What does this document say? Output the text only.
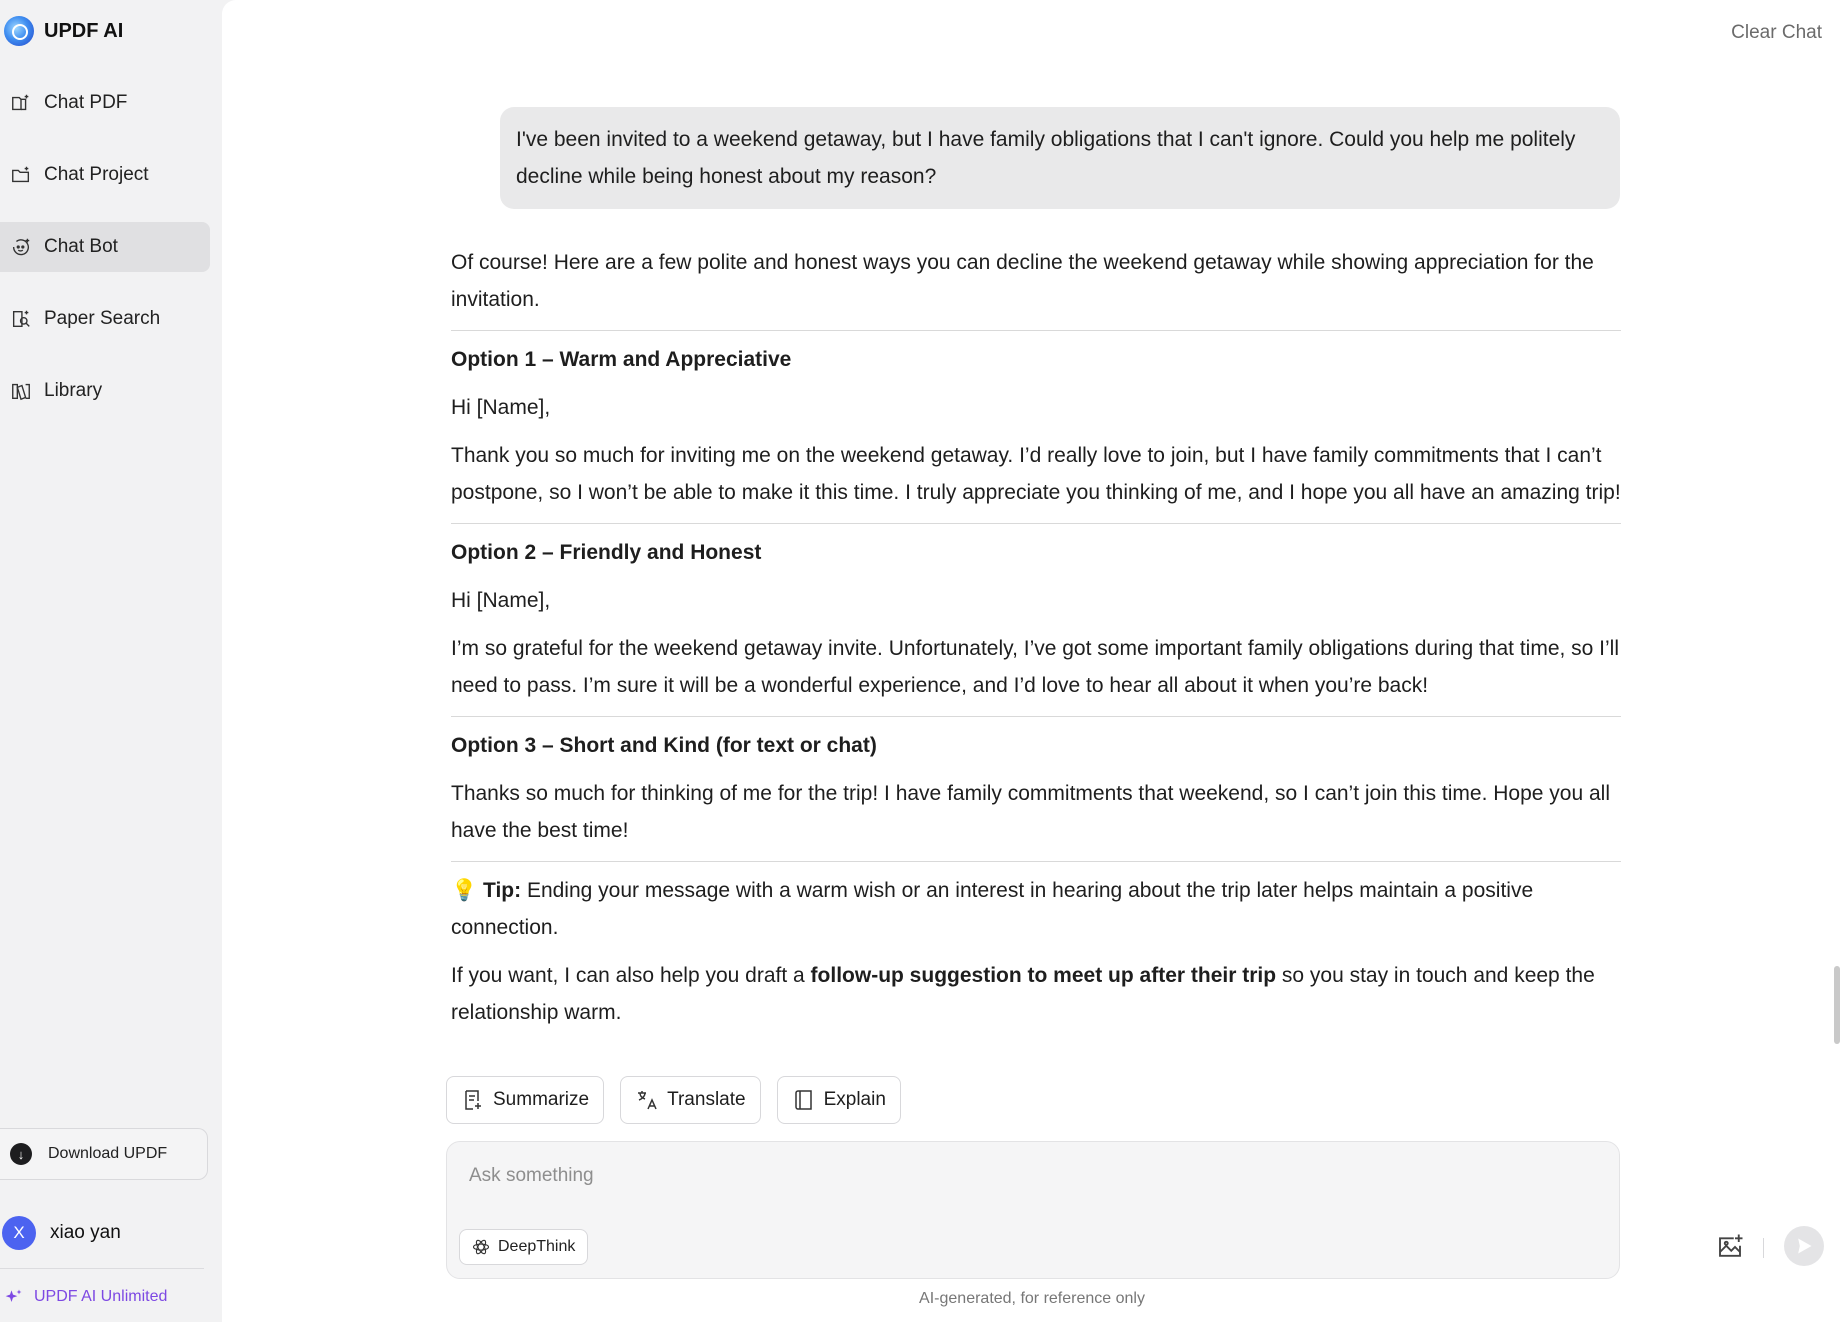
UPDF AI
Chat PDF
Chat Project
Chat Bot
Paper Search
Library
↓	Download UPDF
X	xiao yan
UPDF AI Unlimited
Clear Chat
I've been invited to a weekend getaway, but I have family obligations that I can't ignore. Could you help me politely decline while being honest about my reason?

Of course! Here are a few polite and honest ways you can decline the weekend getaway while showing appreciation for the invitation.

Option 1 – Warm and Appreciative

Hi [Name],

Thank you so much for inviting me on the weekend getaway. I’d really love to join, but I have family commitments that I can’t postpone, so I won’t be able to make it this time. I truly appreciate you thinking of me, and I hope you all have an amazing trip!

Option 2 – Friendly and Honest

Hi [Name],

I’m so grateful for the weekend getaway invite. Unfortunately, I’ve got some important family obligations during that time, so I’ll need to pass. I’m sure it will be a wonderful experience, and I’d love to hear all about it when you’re back!

Option 3 – Short and Kind (for text or chat)

Thanks so much for thinking of me for the trip! I have family commitments that weekend, so I can’t join this time. Hope you all have the best time!

💡 Tip: Ending your message with a warm wish or an interest in hearing about the trip later helps maintain a positive connection.

If you want, I can also help you draft a follow-up suggestion to meet up after their trip so you stay in touch and keep the relationship warm.

Summarize	Translate	Explain
Ask something
DeepThink
AI-generated, for reference only
